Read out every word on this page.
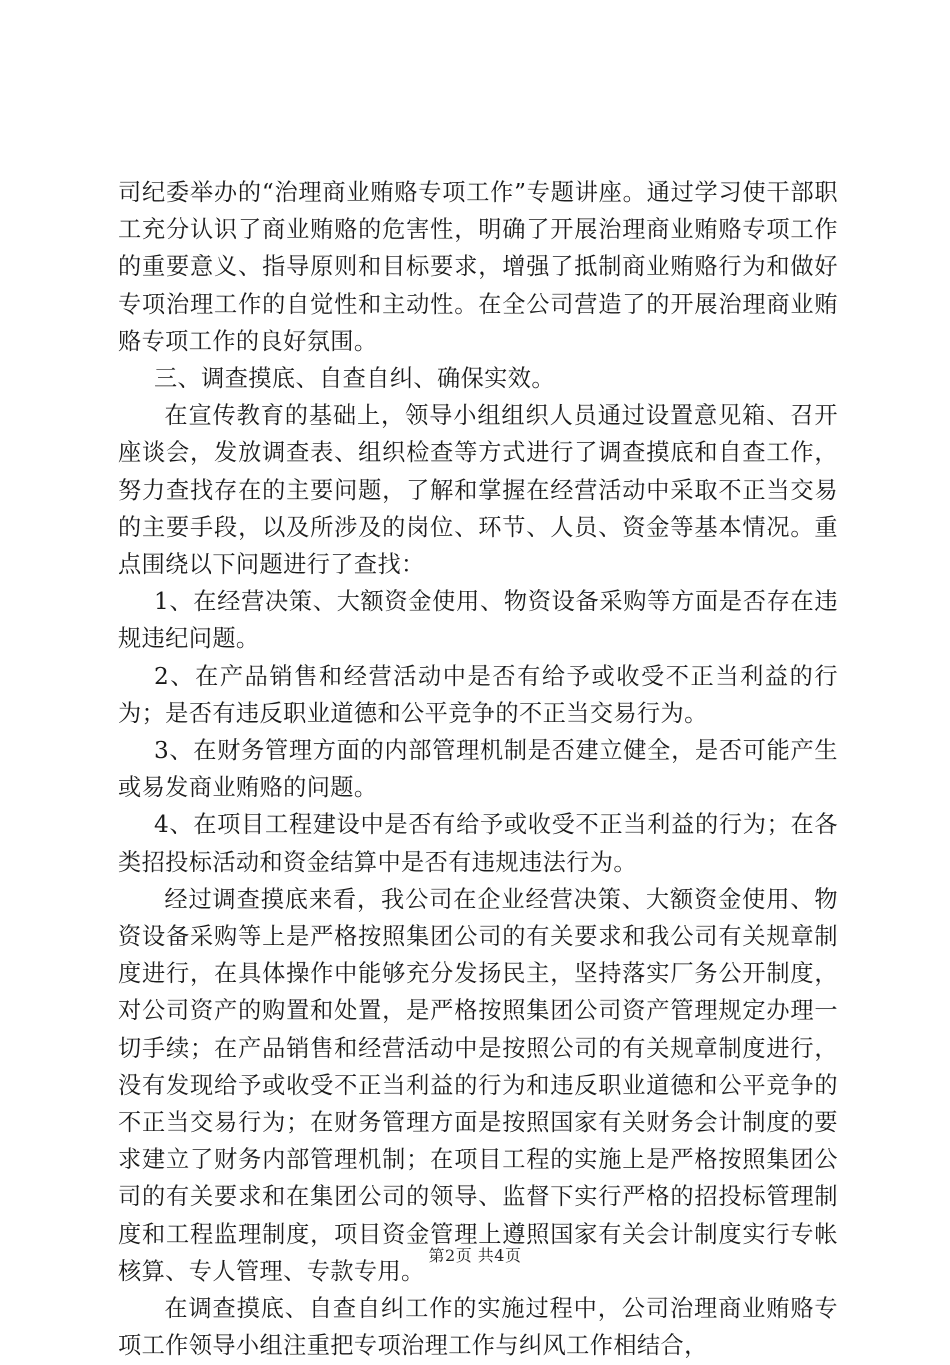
司纪委举办的“治理商业贿赂专项工作”专题讲座。通过学习使干部职工充分认识了商业贿赂的危害性，明确了开展治理商业贿赂专项工作的重要意义、指导原则和目标要求，增强了抵制商业贿赂行为和做好专项治理工作的自觉性和主动性。在全公司营造了的开展治理商业贿赂专项工作的良好氛围。

三、调查摸底、自查自纠、确保实效。

在宣传教育的基础上，领导小组组织人员通过设置意见箱、召开座谈会，发放调查表、组织检查等方式进行了调查摸底和自查工作，努力查找存在的主要问题，了解和掌握在经营活动中采取不正当交易的主要手段，以及所涉及的岗位、环节、人员、资金等基本情况。重点围绕以下问题进行了查找：

1、在经营决策、大额资金使用、物资设备采购等方面是否存在违规违纪问题。

2、在产品销售和经营活动中是否有给予或收受不正当利益的行为；是否有违反职业道德和公平竞争的不正当交易行为。

3、在财务管理方面的内部管理机制是否建立健全，是否可能产生或易发商业贿赂的问题。

4、在项目工程建设中是否有给予或收受不正当利益的行为；在各类招投标活动和资金结算中是否有违规违法行为。

经过调查摸底来看，我公司在企业经营决策、大额资金使用、物资设备采购等上是严格按照集团公司的有关要求和我公司有关规章制度进行，在具体操作中能够充分发扬民主，坚持落实厂务公开制度，对公司资产的购置和处置，是严格按照集团公司资产管理规定办理一切手续；在产品销售和经营活动中是按照公司的有关规章制度进行，没有发现给予或收受不正当利益的行为和违反职业道德和公平竞争的不正当交易行为；在财务管理方面是按照国家有关财务会计制度的要求建立了财务内部管理机制；在项目工程的实施上是严格按照集团公司的有关要求和在集团公司的领导、监督下实行严格的招投标管理制度和工程监理制度，项目资金管理上遵照国家有关会计制度实行专帐核算、专人管理、专款专用。

在调查摸底、自查自纠工作的实施过程中，公司治理商业贿赂专项工作领导小组注重把专项治理工作与纠风工作相结合，

第2页 共4页
